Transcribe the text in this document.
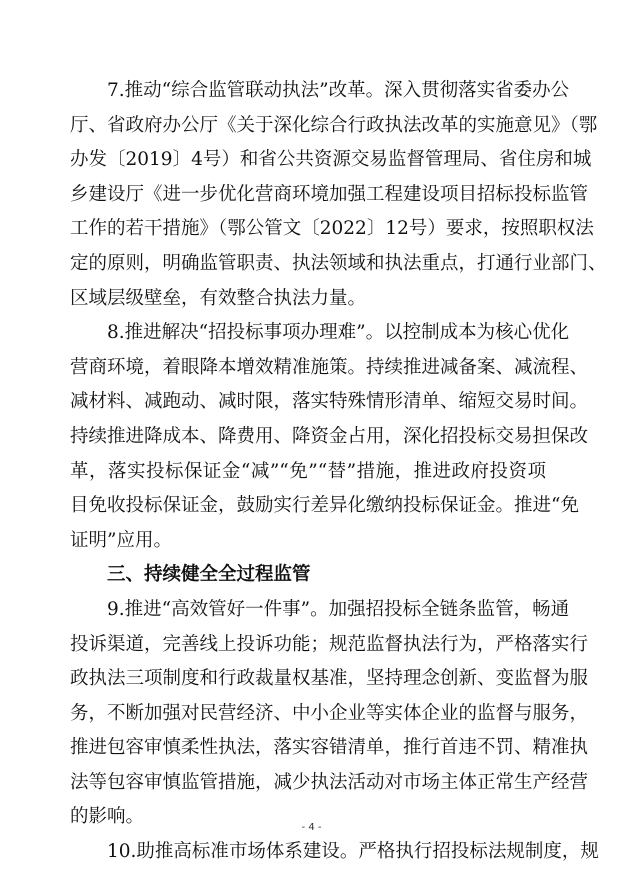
7.推动“综合监管联动执法”改革。深入贯彻落实省委办公
厅、省政府办公厅《关于深化综合行政执法改革的实施意见》（鄂
办发〔2019〕4号）和省公共资源交易监督管理局、省住房和城
乡建设厅《进一步优化营商环境加强工程建设项目招标投标监管
工作的若干措施》（鄂公管文〔2022〕12号）要求，按照职权法
定的原则，明确监管职责、执法领域和执法重点，打通行业部门、
区域层级壁垒，有效整合执法力量。
8.推进解决“招投标事项办理难”。以控制成本为核心优化
营商环境，着眼降本增效精准施策。持续推进减备案、减流程、
减材料、减跑动、减时限，落实特殊情形清单、缩短交易时间。
持续推进降成本、降费用、降资金占用，深化招投标交易担保改
革，落实投标保证金“减”“免”“替”措施，推进政府投资项
目免收投标保证金，鼓励实行差异化缴纳投标保证金。推进“免
证明”应用。
三、持续健全全过程监管
9.推进“高效管好一件事”。加强招投标全链条监管，畅通
投诉渠道，完善线上投诉功能；规范监督执法行为，严格落实行
政执法三项制度和行政裁量权基准，坚持理念创新、变监督为服
务，不断加强对民营经济、中小企业等实体企业的监督与服务，
推进包容审慎柔性执法，落实容错清单，推行首违不罚、精准执
法等包容审慎监管措施，减少执法活动对市场主体正常生产经营
的影响。
10.助推高标准市场体系建设。严格执行招投标法规制度，规
- 4 -
